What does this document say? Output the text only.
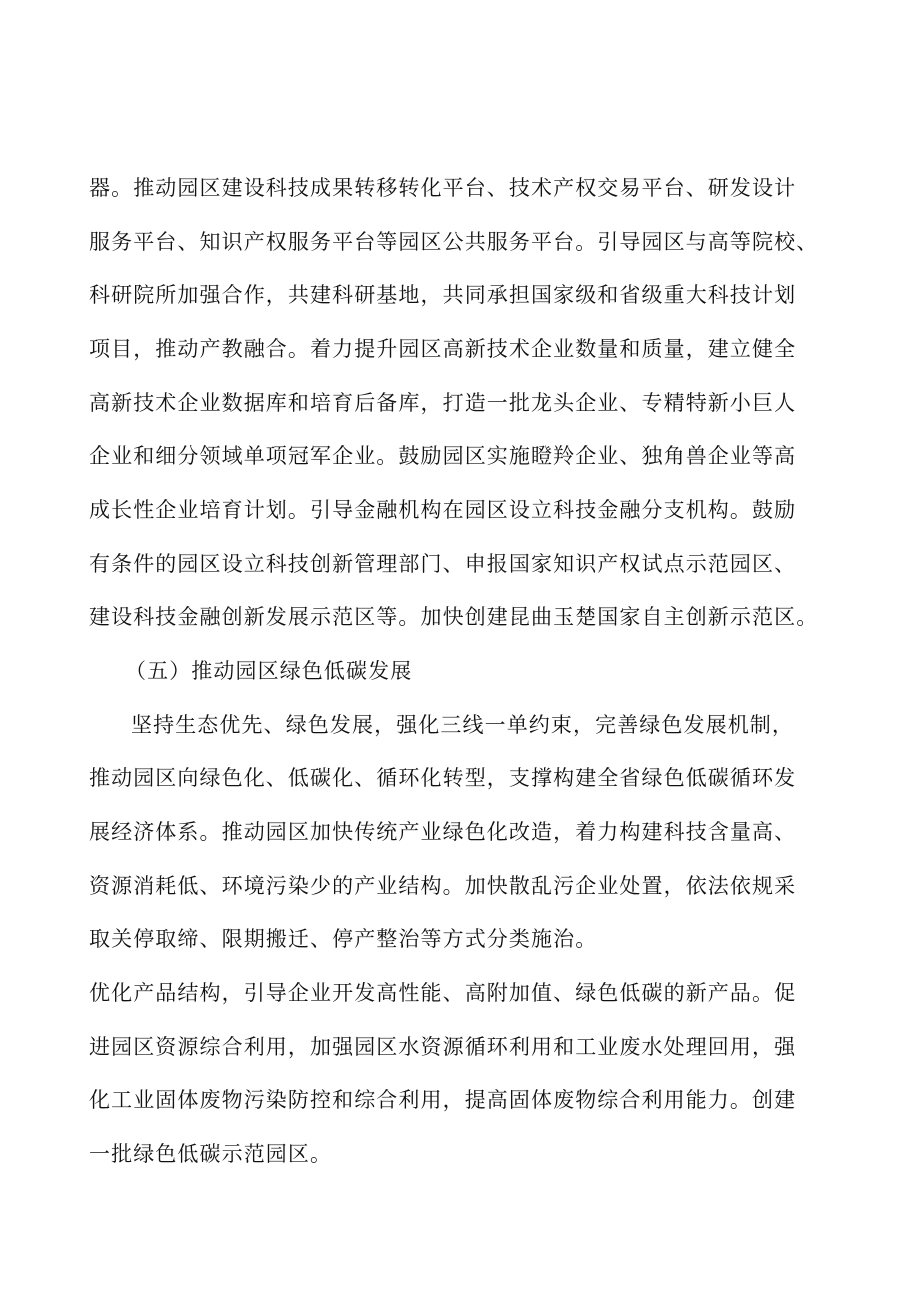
器。推动园区建设科技成果转移转化平台、技术产权交易平台、研发设计
服务平台、知识产权服务平台等园区公共服务平台。引导园区与高等院校、
科研院所加强合作，共建科研基地，共同承担国家级和省级重大科技计划
项目，推动产教融合。着力提升园区高新技术企业数量和质量，建立健全
高新技术企业数据库和培育后备库，打造一批龙头企业、专精特新小巨人
企业和细分领域单项冠军企业。鼓励园区实施瞪羚企业、独角兽企业等高
成长性企业培育计划。引导金融机构在园区设立科技金融分支机构。鼓励
有条件的园区设立科技创新管理部门、申报国家知识产权试点示范园区、
建设科技金融创新发展示范区等。加快创建昆曲玉楚国家自主创新示范区。
（五）推动园区绿色低碳发展
坚持生态优先、绿色发展，强化三线一单约束，完善绿色发展机制，
推动园区向绿色化、低碳化、循环化转型，支撑构建全省绿色低碳循环发
展经济体系。推动园区加快传统产业绿色化改造，着力构建科技含量高、
资源消耗低、环境污染少的产业结构。加快散乱污企业处置，依法依规采
取关停取缔、限期搬迁、停产整治等方式分类施治。
优化产品结构，引导企业开发高性能、高附加值、绿色低碳的新产品。促
进园区资源综合利用，加强园区水资源循环利用和工业废水处理回用，强
化工业固体废物污染防控和综合利用，提高固体废物综合利用能力。创建
一批绿色低碳示范园区。
